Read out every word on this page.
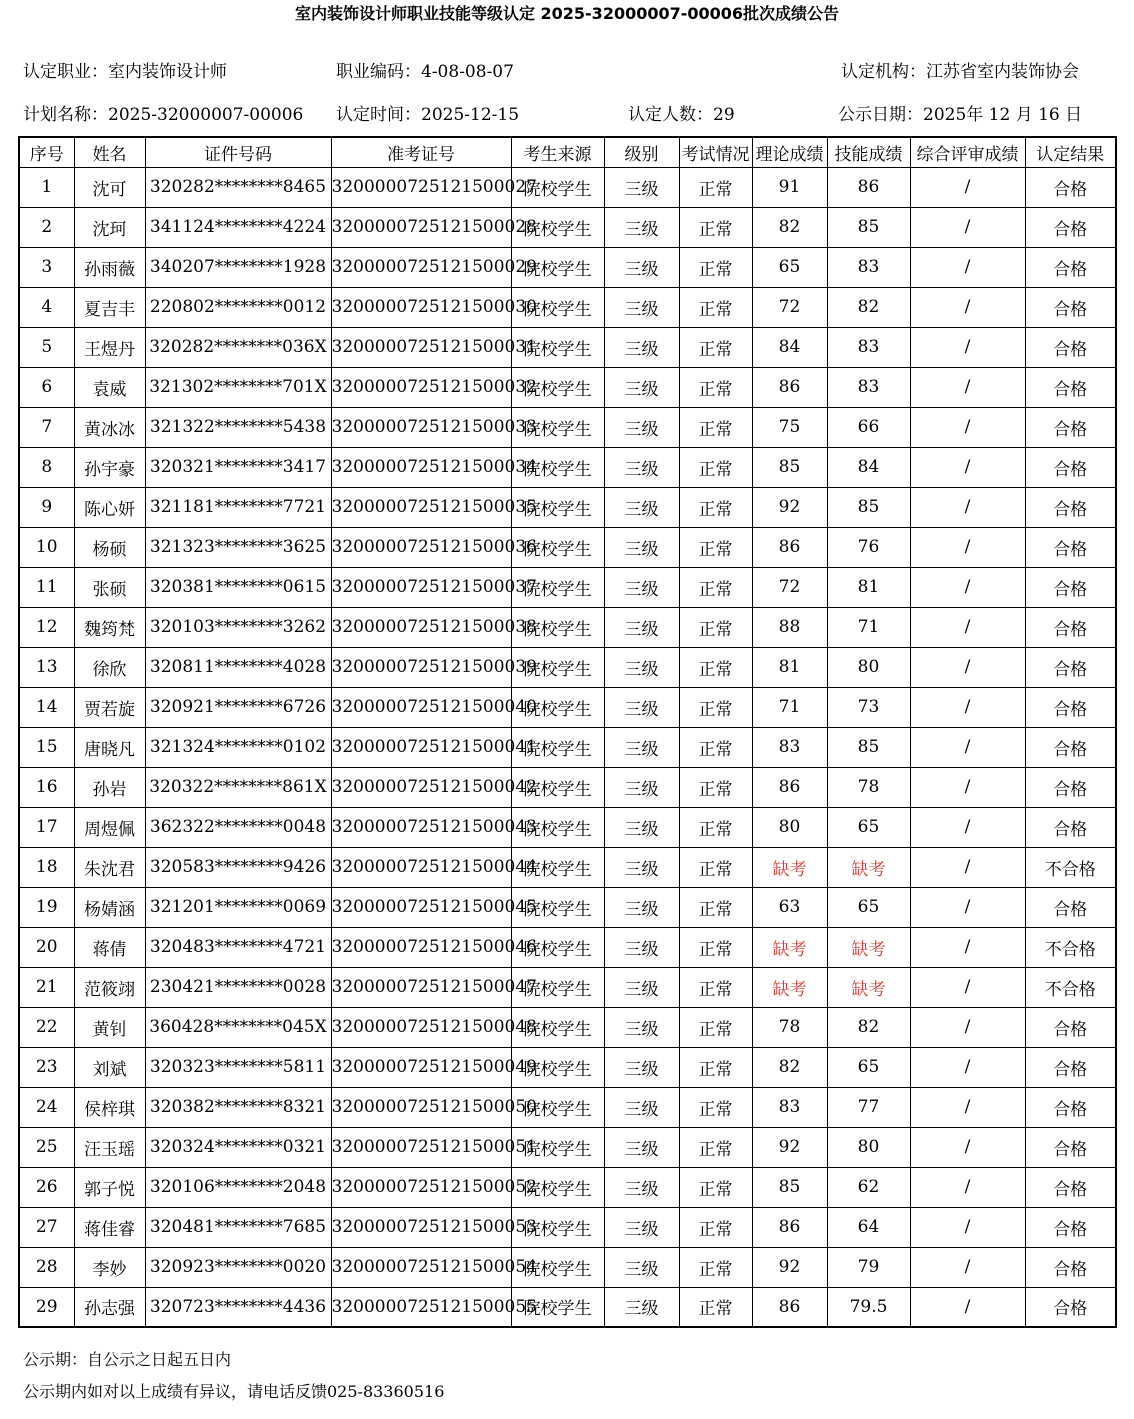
室内装饰设计师职业技能等级认定 2025-32000007-00006批次成绩公告
认定职业：室内装饰设计师	职业编码：4-08-08-07	认定机构：江苏省室内装饰协会
计划名称：2025-32000007-00006 认定时间：2025-12-15	认定人数：29	公示日期：2025年 12 月 16 日
序号	姓名	证件号码	准考证号	考生来源	级别	考试情况	理论成绩	技能成绩	综合评审成绩	认定结果
1	沈可	320282********8465	3200000725121500027	院校学生	三级	正常	91	86	/	合格
2	沈珂	341124********4224	3200000725121500028	院校学生	三级	正常	82	85	/	合格
3	孙雨薇	340207********1928	3200000725121500029	院校学生	三级	正常	65	83	/	合格
4	夏吉丰	220802********0012	3200000725121500030	院校学生	三级	正常	72	82	/	合格
5	王煜丹	320282********036X	3200000725121500031	院校学生	三级	正常	84	83	/	合格
6	袁威	321302********701X	3200000725121500032	院校学生	三级	正常	86	83	/	合格
7	黄冰冰	321322********5438	3200000725121500033	院校学生	三级	正常	75	66	/	合格
8	孙宇豪	320321********3417	3200000725121500034	院校学生	三级	正常	85	84	/	合格
9	陈心妍	321181********7721	3200000725121500035	院校学生	三级	正常	92	85	/	合格
10	杨硕	321323********3625	3200000725121500036	院校学生	三级	正常	86	76	/	合格
11	张硕	320381********0615	3200000725121500037	院校学生	三级	正常	72	81	/	合格
12	魏筠梵	320103********3262	3200000725121500038	院校学生	三级	正常	88	71	/	合格
13	徐欣	320811********4028	3200000725121500039	院校学生	三级	正常	81	80	/	合格
14	贾若旋	320921********6726	3200000725121500040	院校学生	三级	正常	71	73	/	合格
15	唐晓凡	321324********0102	3200000725121500041	院校学生	三级	正常	83	85	/	合格
16	孙岩	320322********861X	3200000725121500042	院校学生	三级	正常	86	78	/	合格
17	周煜佩	362322********0048	3200000725121500043	院校学生	三级	正常	80	65	/	合格
18	朱沈君	320583********9426	3200000725121500044	院校学生	三级	正常	缺考	缺考	/	不合格
19	杨婧涵	321201********0069	3200000725121500045	院校学生	三级	正常	63	65	/	合格
20	蒋倩	320483********4721	3200000725121500046	院校学生	三级	正常	缺考	缺考	/	不合格
21	范筱翊	230421********0028	3200000725121500047	院校学生	三级	正常	缺考	缺考	/	不合格
22	黄钊	360428********045X	3200000725121500048	院校学生	三级	正常	78	82	/	合格
23	刘斌	320323********5811	3200000725121500049	院校学生	三级	正常	82	65	/	合格
24	侯梓琪	320382********8321	3200000725121500050	院校学生	三级	正常	83	77	/	合格
25	汪玉瑶	320324********0321	3200000725121500051	院校学生	三级	正常	92	80	/	合格
26	郭子悦	320106********2048	3200000725121500052	院校学生	三级	正常	85	62	/	合格
27	蒋佳睿	320481********7685	3200000725121500053	院校学生	三级	正常	86	64	/	合格
28	李妙	320923********0020	3200000725121500054	院校学生	三级	正常	92	79	/	合格
29	孙志强	320723********4436	3200000725121500055	院校学生	三级	正常	86	79.5	/	合格
公示期：自公示之日起五日内
公示期内如对以上成绩有异议，请电话反馈025-83360516
